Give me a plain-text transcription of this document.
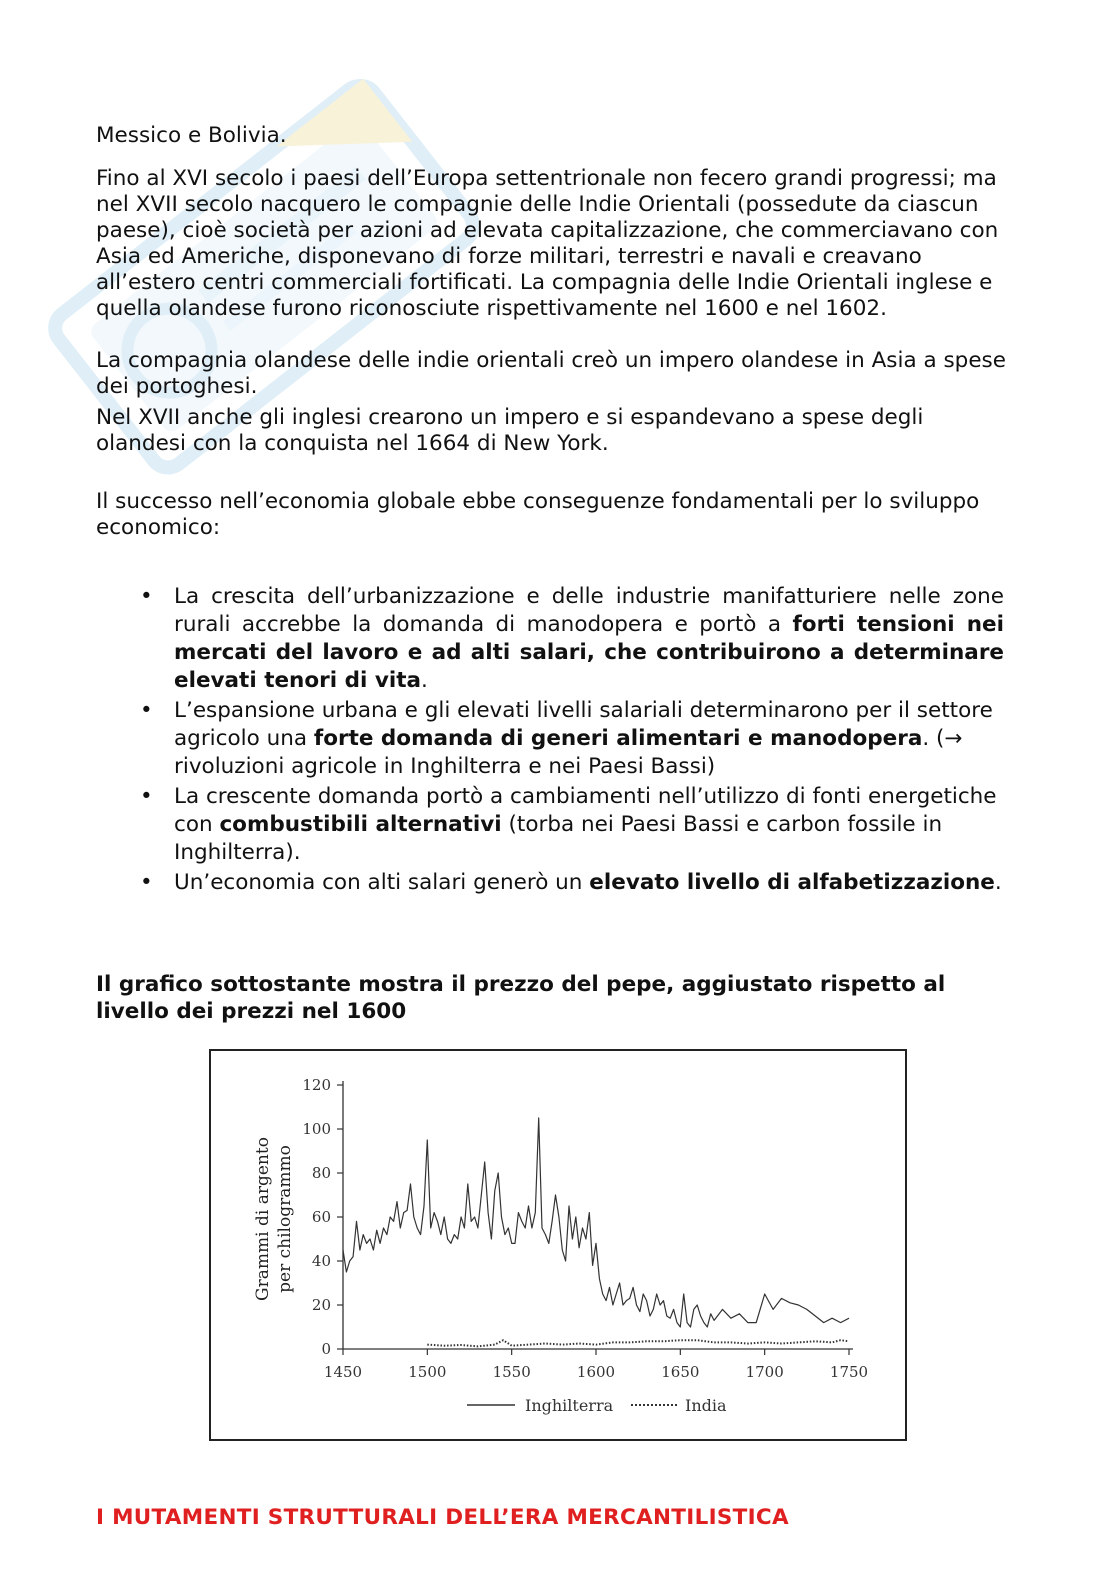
Messico e Bolivia.

Fino al XVI secolo i paesi dell’Europa settentrionale non fecero grandi progressi; ma nel XVII secolo nacquero le compagnie delle Indie Orientali (possedute da ciascun paese), cioè società per azioni ad elevata capitalizzazione, che commerciavano con Asia ed Americhe, disponevano di forze militari, terrestri e navali e creavano all’estero centri commerciali fortificati. La compagnia delle Indie Orientali inglese e quella olandese furono riconosciute rispettivamente nel 1600 e nel 1602.

La compagnia olandese delle indie orientali creò un impero olandese in Asia a spese dei portoghesi.

Nel XVII anche gli inglesi crearono un impero e si espandevano a spese degli olandesi con la conquista nel 1664 di New York.

Il successo nell’economia globale ebbe conseguenze fondamentali per lo sviluppo economico:

• La crescita dell’urbanizzazione e delle industrie manifatturiere nelle zone rurali accrebbe la domanda di manodopera e portò a forti tensioni nei mercati del lavoro e ad alti salari, che contribuirono a determinare elevati tenori di vita.
• L’espansione urbana e gli elevati livelli salariali determinarono per il settore agricolo una forte domanda di generi alimentari e manodopera. (→ rivoluzioni agricole in Inghilterra e nei Paesi Bassi)
• La crescente domanda portò a cambiamenti nell’utilizzo di fonti energetiche con combustibili alternativi (torba nei Paesi Bassi e carbon fossile in Inghilterra).
• Un’economia con alti salari generò un elevato livello di alfabetizzazione.

Il grafico sottostante mostra il prezzo del pepe, aggiustato rispetto al livello dei prezzi nel 1600

0
20
40
60
80
100
120
1450	1500	1550	1600	1650	1700	1750
Grammi di argento per chilogrammo
Inghilterra	India

I MUTAMENTI STRUTTURALI DELL’ERA MERCANTILISTICA
